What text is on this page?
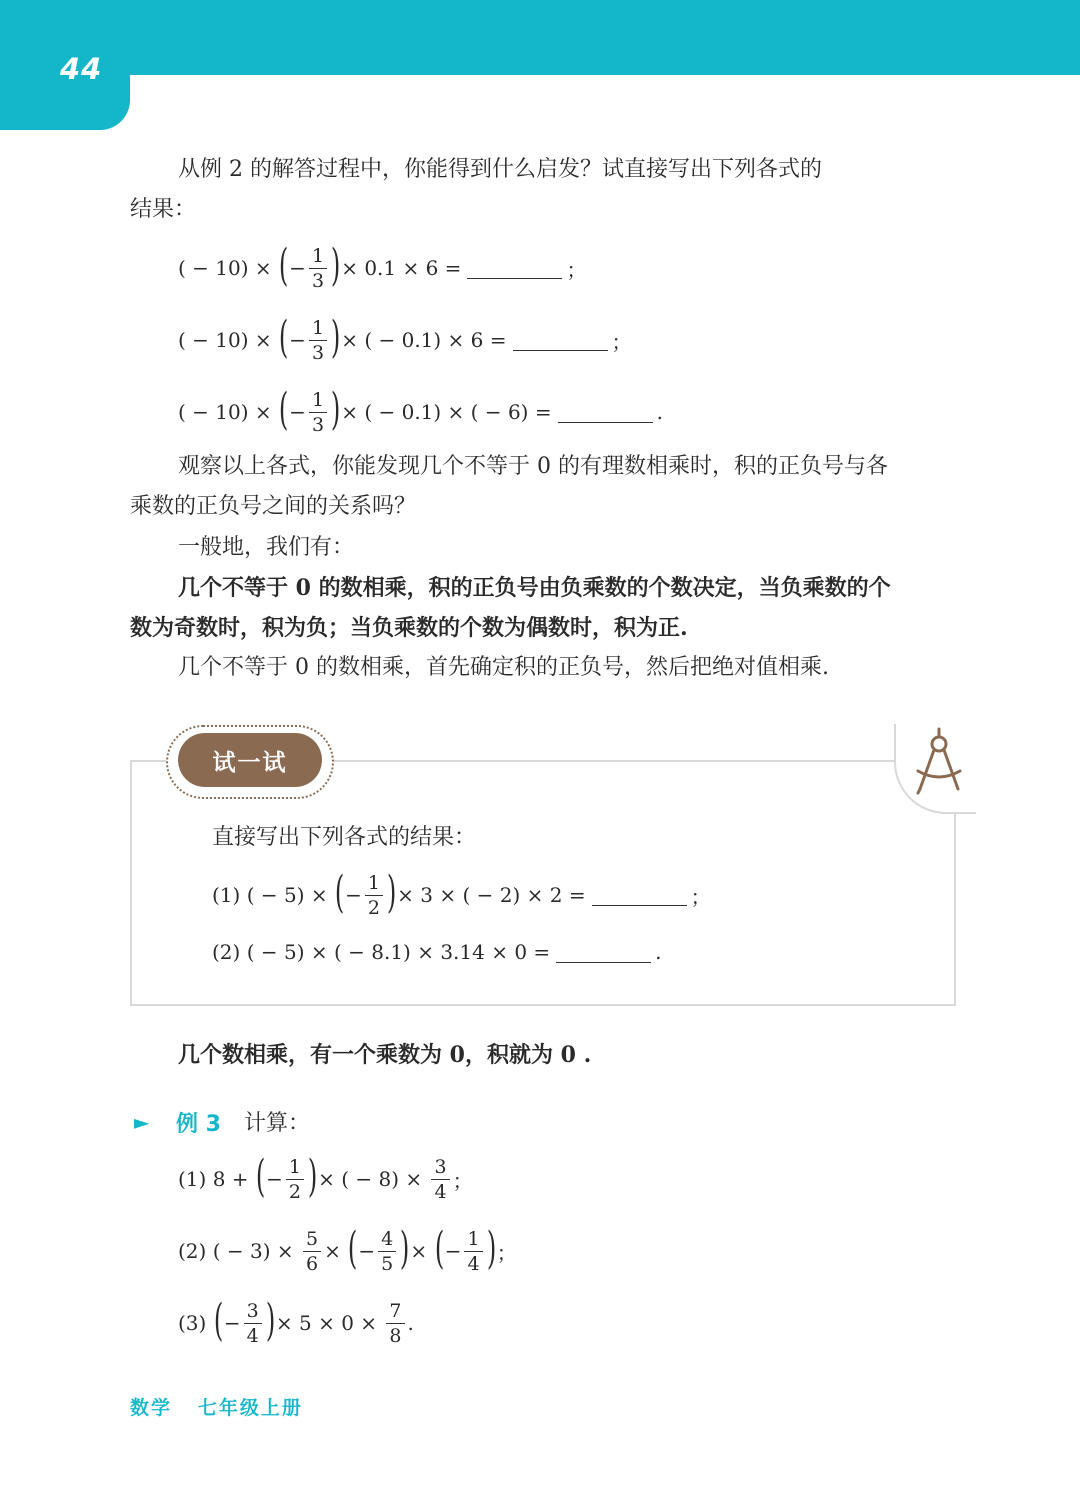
44
从例 2 的解答过程中，你能得到什么启发？试直接写出下列各式的
结果：
( − 10) × ( − $\frac{1}{3}$ ) × 0.1 × 6 =	；
( − 10) × ( − $\frac{1}{3}$ ) × ( − 0.1) × 6 =	；
( − 10) × ( − $\frac{1}{3}$ ) × ( − 0.1) × ( − 6) =	.
观察以上各式，你能发现几个不等于 0 的有理数相乘时，积的正负号与各
乘数的正负号之间的关系吗？
一般地，我们有：
几个不等于 0 的数相乘，积的正负号由负乘数的个数决定，当负乘数的个
数为奇数时，积为负；当负乘数的个数为偶数时，积为正.
几个不等于 0 的数相乘，首先确定积的正负号，然后把绝对值相乘.
试一试
直接写出下列各式的结果：
(1) ( − 5) × ( − $\frac{1}{2}$ ) × 3 × ( − 2) × 2 =	；
(2) ( − 5) × ( − 8.1) × 3.14 × 0 =	.
几个数相乘，有一个乘数为 0，积就为 0 .
► 例 3 计算：
(1) 8 + ( − $\frac{1}{2}$ ) × ( − $8) \times \frac{3}{4}$ ；
(2) ( − $3) \times \frac{5}{6}$ × ( − $\frac{4}{5}$ ) × ( − $\frac{1}{4}$ ) ；
(3) ( − $\frac{3}{4}$ ) × $5 \times 0 \times \frac{7}{8}$ .
数学 七年级上册
